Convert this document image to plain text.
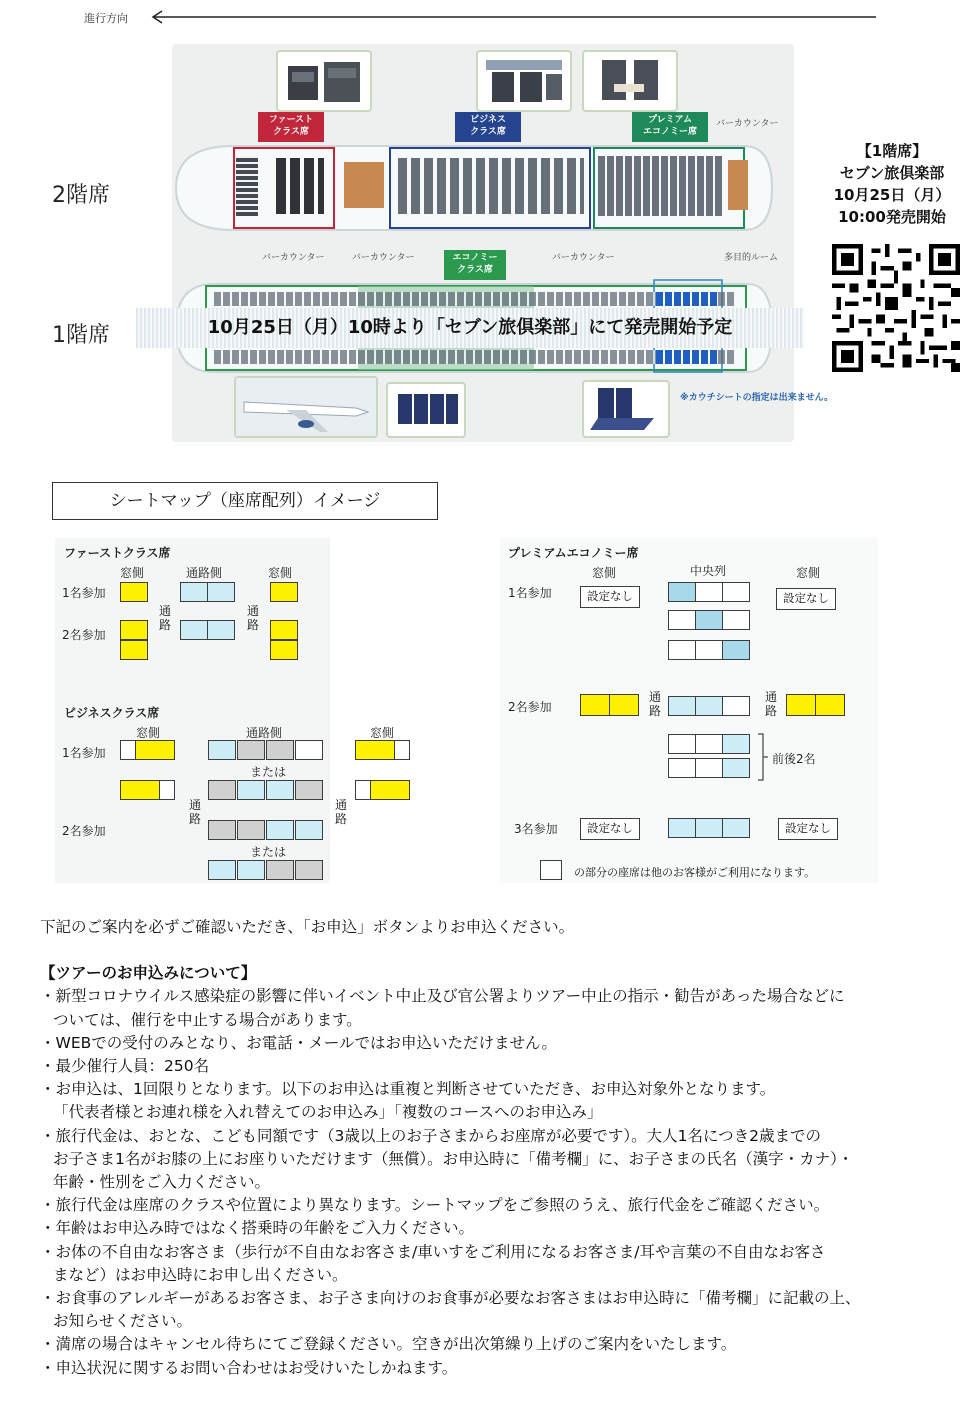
進行方向
2階席
1階席
ファースト
クラス席
ビジネス
クラス席
プレミアム
エコノミー席
バーカウンター
バーカウンター	バーカウンター	エコノミー
クラス席
バーカウンター	多目的ルーム
10月25日（月）10時より「セブン旅倶楽部」にて発売開始予定
※カウチシートの指定は出来ません。
【1階席】
セブン旅倶楽部
10月25日（月）
10:00発売開始
シートマップ（座席配列）イメージ
ファーストクラス席
窓側	通路側	窓側
1名参加
2名参加
通路
通路
ビジネスクラス席
窓側	通路側	窓側
1名参加
2名参加
または
または
通路
通路
プレミアムエコノミー席
窓側	中央列	窓側
1名参加
2名参加
3名参加
設定なし	設定なし
通路
通路
前後2名
設定なし	設定なし
の部分の座席は他のお客様がご利用になります。
下記のご案内を必ずご確認いただき、「お申込」ボタンよりお申込ください。
【ツアーのお申込みについて】
・新型コロナウイルス感染症の影響に伴いイベント中止及び官公署よりツアー中止の指示・勧告があった場合などに
ついては、催行を中止する場合があります。
・WEBでの受付のみとなり、お電話・メールではお申込いただけません。
・最少催行人員：250名
・お申込は、1回限りとなります。以下のお申込は重複と判断させていただき、お申込対象外となります。
「代表者様とお連れ様を入れ替えてのお申込み」「複数のコースへのお申込み」
・旅行代金は、おとな、こども同額です（3歳以上のお子さまからお座席が必要です）。大人1名につき2歳までの
お子さま1名がお膝の上にお座りいただけます（無償）。お申込時に「備考欄」に、お子さまの氏名（漢字・カナ）・
年齢・性別をご入力ください。
・旅行代金は座席のクラスや位置により異なります。シートマップをご参照のうえ、旅行代金をご確認ください。
・年齢はお申込み時ではなく搭乗時の年齢をご入力ください。
・お体の不自由なお客さま（歩行が不自由なお客さま/車いすをご利用になるお客さま/耳や言葉の不自由なお客さ
まなど）はお申込時にお申し出ください。
・お食事のアレルギーがあるお客さま、お子さま向けのお食事が必要なお客さまはお申込時に「備考欄」に記載の上、
お知らせください。
・満席の場合はキャンセル待ちにてご登録ください。空きが出次第繰り上げのご案内をいたします。
・申込状況に関するお問い合わせはお受けいたしかねます。
